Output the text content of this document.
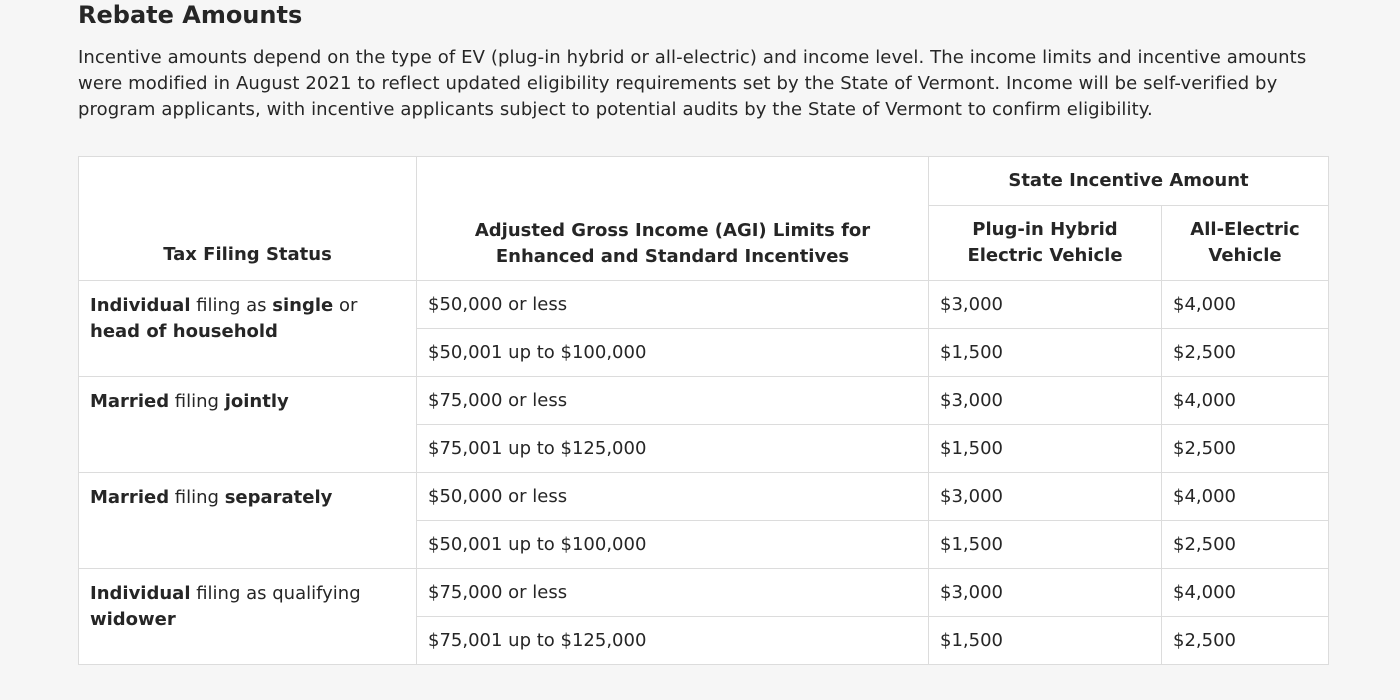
Rebate Amounts

Incentive amounts depend on the type of EV (plug-in hybrid or all-electric) and income level. The income limits and incentive amounts were modified in August 2021 to reflect updated eligibility requirements set by the State of Vermont. Income will be self-verified by program applicants, with incentive applicants subject to potential audits by the State of Vermont to confirm eligibility.

Tax Filing Status	Adjusted Gross Income (AGI) Limits for Enhanced and Standard Incentives	State Incentive Amount	
		Plug-in Hybrid Electric Vehicle	All-Electric Vehicle
Individual filing as single or head of household	$50,000 or less	$3,000	$4,000
	$50,001 up to $100,000	$1,500	$2,500
Married filing jointly	$75,000 or less	$3,000	$4,000
	$75,001 up to $125,000	$1,500	$2,500
Married filing separately	$50,000 or less	$3,000	$4,000
	$50,001 up to $100,000	$1,500	$2,500
Individual filing as qualifying widower	$75,000 or less	$3,000	$4,000
	$75,001 up to $125,000	$1,500	$2,500
